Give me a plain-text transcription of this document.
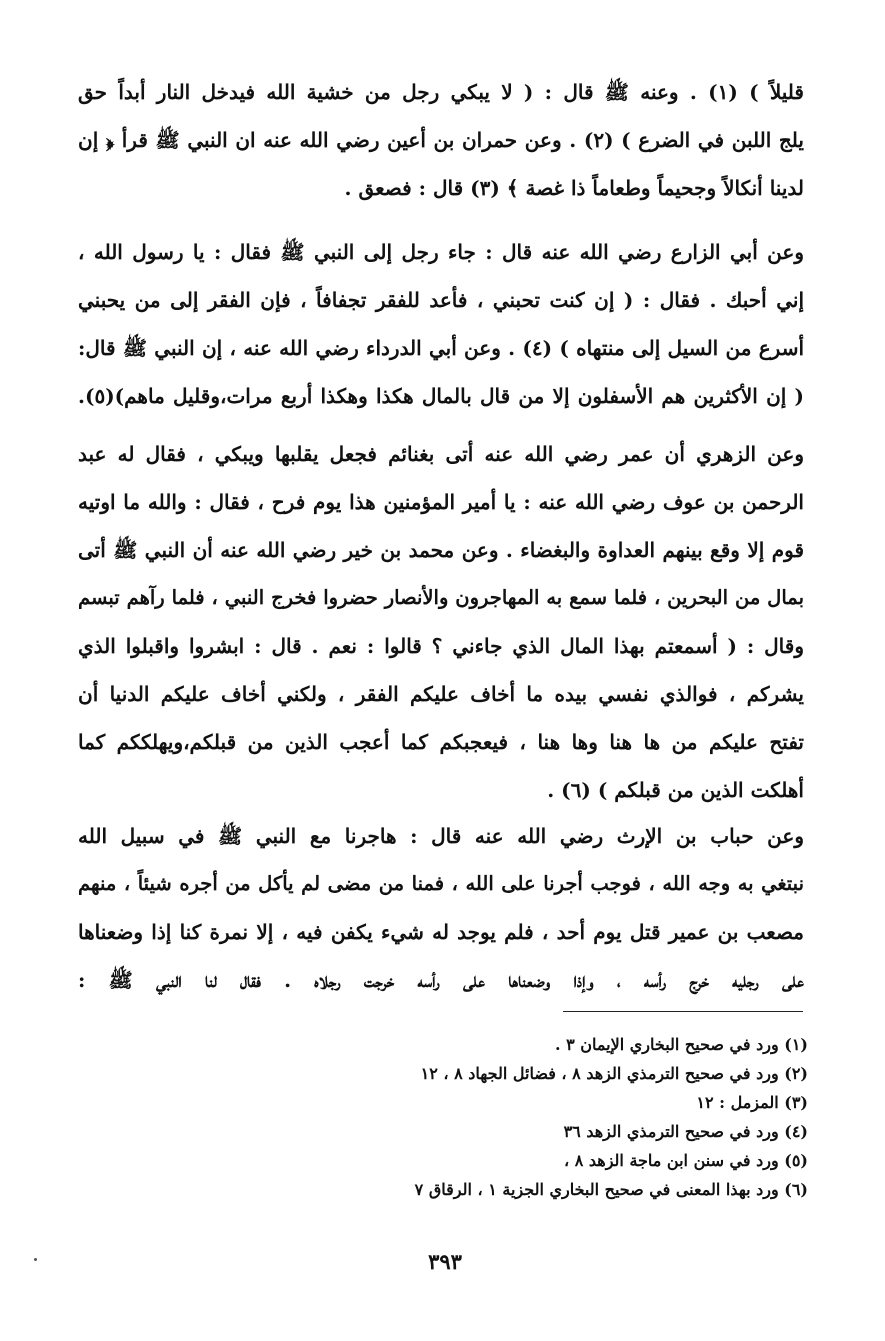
قليلاً ) (١) . وعنه ﷺ قال : ( لا يبكي رجل من خشية الله فيدخل النار أبداً حق
يلج اللبن في الضرع ) (٢) . وعن حمران بن أعين رضي الله عنه ان النبي ﷺ قرأ ﴿ إن
لدينا أنكالاً وجحيماً وطعاماً ذا غصة ﴾ (٣) قال : فصعق .
وعن أبي الزارع رضي الله عنه قال : جاء رجل إلى النبي ﷺ فقال : يا رسول الله ،
إني أحبك . فقال : ( إن كنت تحبني ، فأعد للفقر تجفافاً ، فإن الفقر إلى من يحبني
أسرع من السيل إلى منتهاه ) (٤) . وعن أبي الدرداء رضي الله عنه ، إن النبي ﷺ قال:
( إن الأكثرين هم الأسفلون إلا من قال بالمال هكذا وهكذا أربع مرات،وقليل ماهم)(٥).
وعن الزهري أن عمر رضي الله عنه أتى بغنائم فجعل يقلبها ويبكي ، فقال له عبد
الرحمن بن عوف رضي الله عنه : يا أمير المؤمنين هذا يوم فرح ، فقال : والله ما اوتيه
قوم إلا وقع بينهم العداوة والبغضاء . وعن محمد بن خير رضي الله عنه أن النبي ﷺ أتى
بمال من البحرين ، فلما سمع به المهاجرون والأنصار حضروا فخرج النبي ، فلما رآهم تبسم
وقال : ( أسمعتم بهذا المال الذي جاءني ؟ قالوا : نعم . قال : ابشروا واقبلوا الذي
يشركم ، فوالذي نفسي بيده ما أخاف عليكم الفقر ، ولكني أخاف عليكم الدنيا أن
تفتح عليكم من ها هنا وها هنا ، فيعجبكم كما أعجب الذين من قبلكم،ويهلككم كما
أهلكت الذين من قبلكم ) (٦) .
وعن حباب بن الإرث رضي الله عنه قال : هاجرنا مع النبي ﷺ في سبيل الله
نبتغي به وجه الله ، فوجب أجرنا على الله ، فمنا من مضى لم يأكل من أجره شيئاً ، منهم
مصعب بن عمير قتل يوم أحد ، فلم يوجد له شيء يكفن فيه ، إلا نمرة كنا إذا وضعناها
على رجليه خرج رأسه ، وإذا وضعناها على رأسه خرجت رجلاه . فقال لنا النبي ﷺ :
(١) ورد في صحيح البخاري الإيمان ٣ .
(٢) ورد في صحيح الترمذي الزهد ٨ ، فضائل الجهاد ٨ ، ١٢
(٣) المزمل : ١٢
(٤) ورد في صحيح الترمذي الزهد ٣٦
(٥) ورد في سنن ابن ماجة الزهد ٨ ،
(٦) ورد بهذا المعنى في صحيح البخاري الجزية ١ ، الرقاق ٧
٣٩٣
